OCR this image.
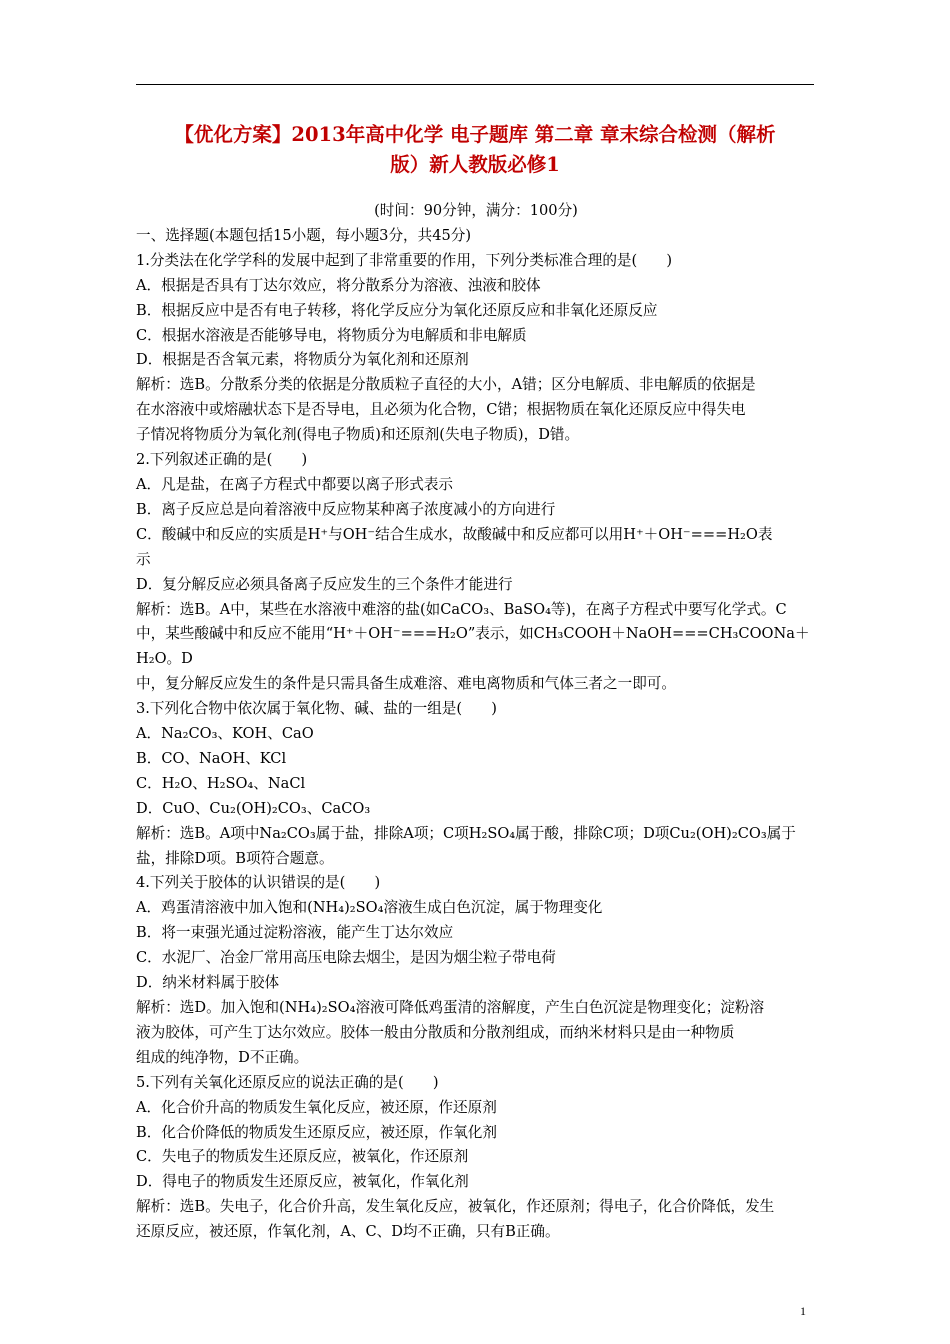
【优化方案】2013年高中化学 电子题库 第二章 章末综合检测（解析
版）新人教版必修1

(时间：90分钟，满分：100分)

一、选择题(本题包括15小题，每小题3分，共45分)

1.分类法在化学学科的发展中起到了非常重要的作用，下列分类标准合理的是(　　)

A．根据是否具有丁达尔效应，将分散系分为溶液、浊液和胶体

B．根据反应中是否有电子转移，将化学反应分为氧化还原反应和非氧化还原反应

C．根据水溶液是否能够导电，将物质分为电解质和非电解质

D．根据是否含氧元素，将物质分为氧化剂和还原剂

解析：选B。分散系分类的依据是分散质粒子直径的大小，A错；区分电解质、非电解质的依据是

在水溶液中或熔融状态下是否导电，且必须为化合物，C错；根据物质在氧化还原反应中得失电

子情况将物质分为氧化剂(得电子物质)和还原剂(失电子物质)，D错。

2.下列叙述正确的是(　　)

A．凡是盐，在离子方程式中都要以离子形式表示

B．离子反应总是向着溶液中反应物某种离子浓度减小的方向进行

C．酸碱中和反应的实质是H⁺与OH⁻结合生成水，故酸碱中和反应都可以用H⁺＋OH⁻===H₂O表

示

D．复分解反应必须具备离子反应发生的三个条件才能进行

解析：选B。A中，某些在水溶液中难溶的盐(如CaCO₃、BaSO₄等)，在离子方程式中要写化学式。C

中，某些酸碱中和反应不能用“H⁺＋OH⁻===H₂O”表示，如CH₃COOH＋NaOH===CH₃COONa＋H₂O。D

中，复分解反应发生的条件是只需具备生成难溶、难电离物质和气体三者之一即可。

3.下列化合物中依次属于氧化物、碱、盐的一组是(　　)

A．Na₂CO₃、KOH、CaO

B．CO、NaOH、KCl

C．H₂O、H₂SO₄、NaCl

D．CuO、Cu₂(OH)₂CO₃、CaCO₃

解析：选B。A项中Na₂CO₃属于盐，排除A项；C项H₂SO₄属于酸，排除C项；D项Cu₂(OH)₂CO₃属于

盐，排除D项。B项符合题意。

4.下列关于胶体的认识错误的是(　　)

A．鸡蛋清溶液中加入饱和(NH₄)₂SO₄溶液生成白色沉淀，属于物理变化

B．将一束强光通过淀粉溶液，能产生丁达尔效应

C．水泥厂、冶金厂常用高压电除去烟尘，是因为烟尘粒子带电荷

D．纳米材料属于胶体

解析：选D。加入饱和(NH₄)₂SO₄溶液可降低鸡蛋清的溶解度，产生白色沉淀是物理变化；淀粉溶

液为胶体，可产生丁达尔效应。胶体一般由分散质和分散剂组成，而纳米材料只是由一种物质

组成的纯净物，D不正确。

5.下列有关氧化还原反应的说法正确的是(　　)

A．化合价升高的物质发生氧化反应，被还原，作还原剂

B．化合价降低的物质发生还原反应，被还原，作氧化剂

C．失电子的物质发生还原反应，被氧化，作还原剂

D．得电子的物质发生还原反应，被氧化，作氧化剂

解析：选B。失电子，化合价升高，发生氧化反应，被氧化，作还原剂；得电子，化合价降低，发生

还原反应，被还原，作氧化剂，A、C、D均不正确，只有B正确。

1
